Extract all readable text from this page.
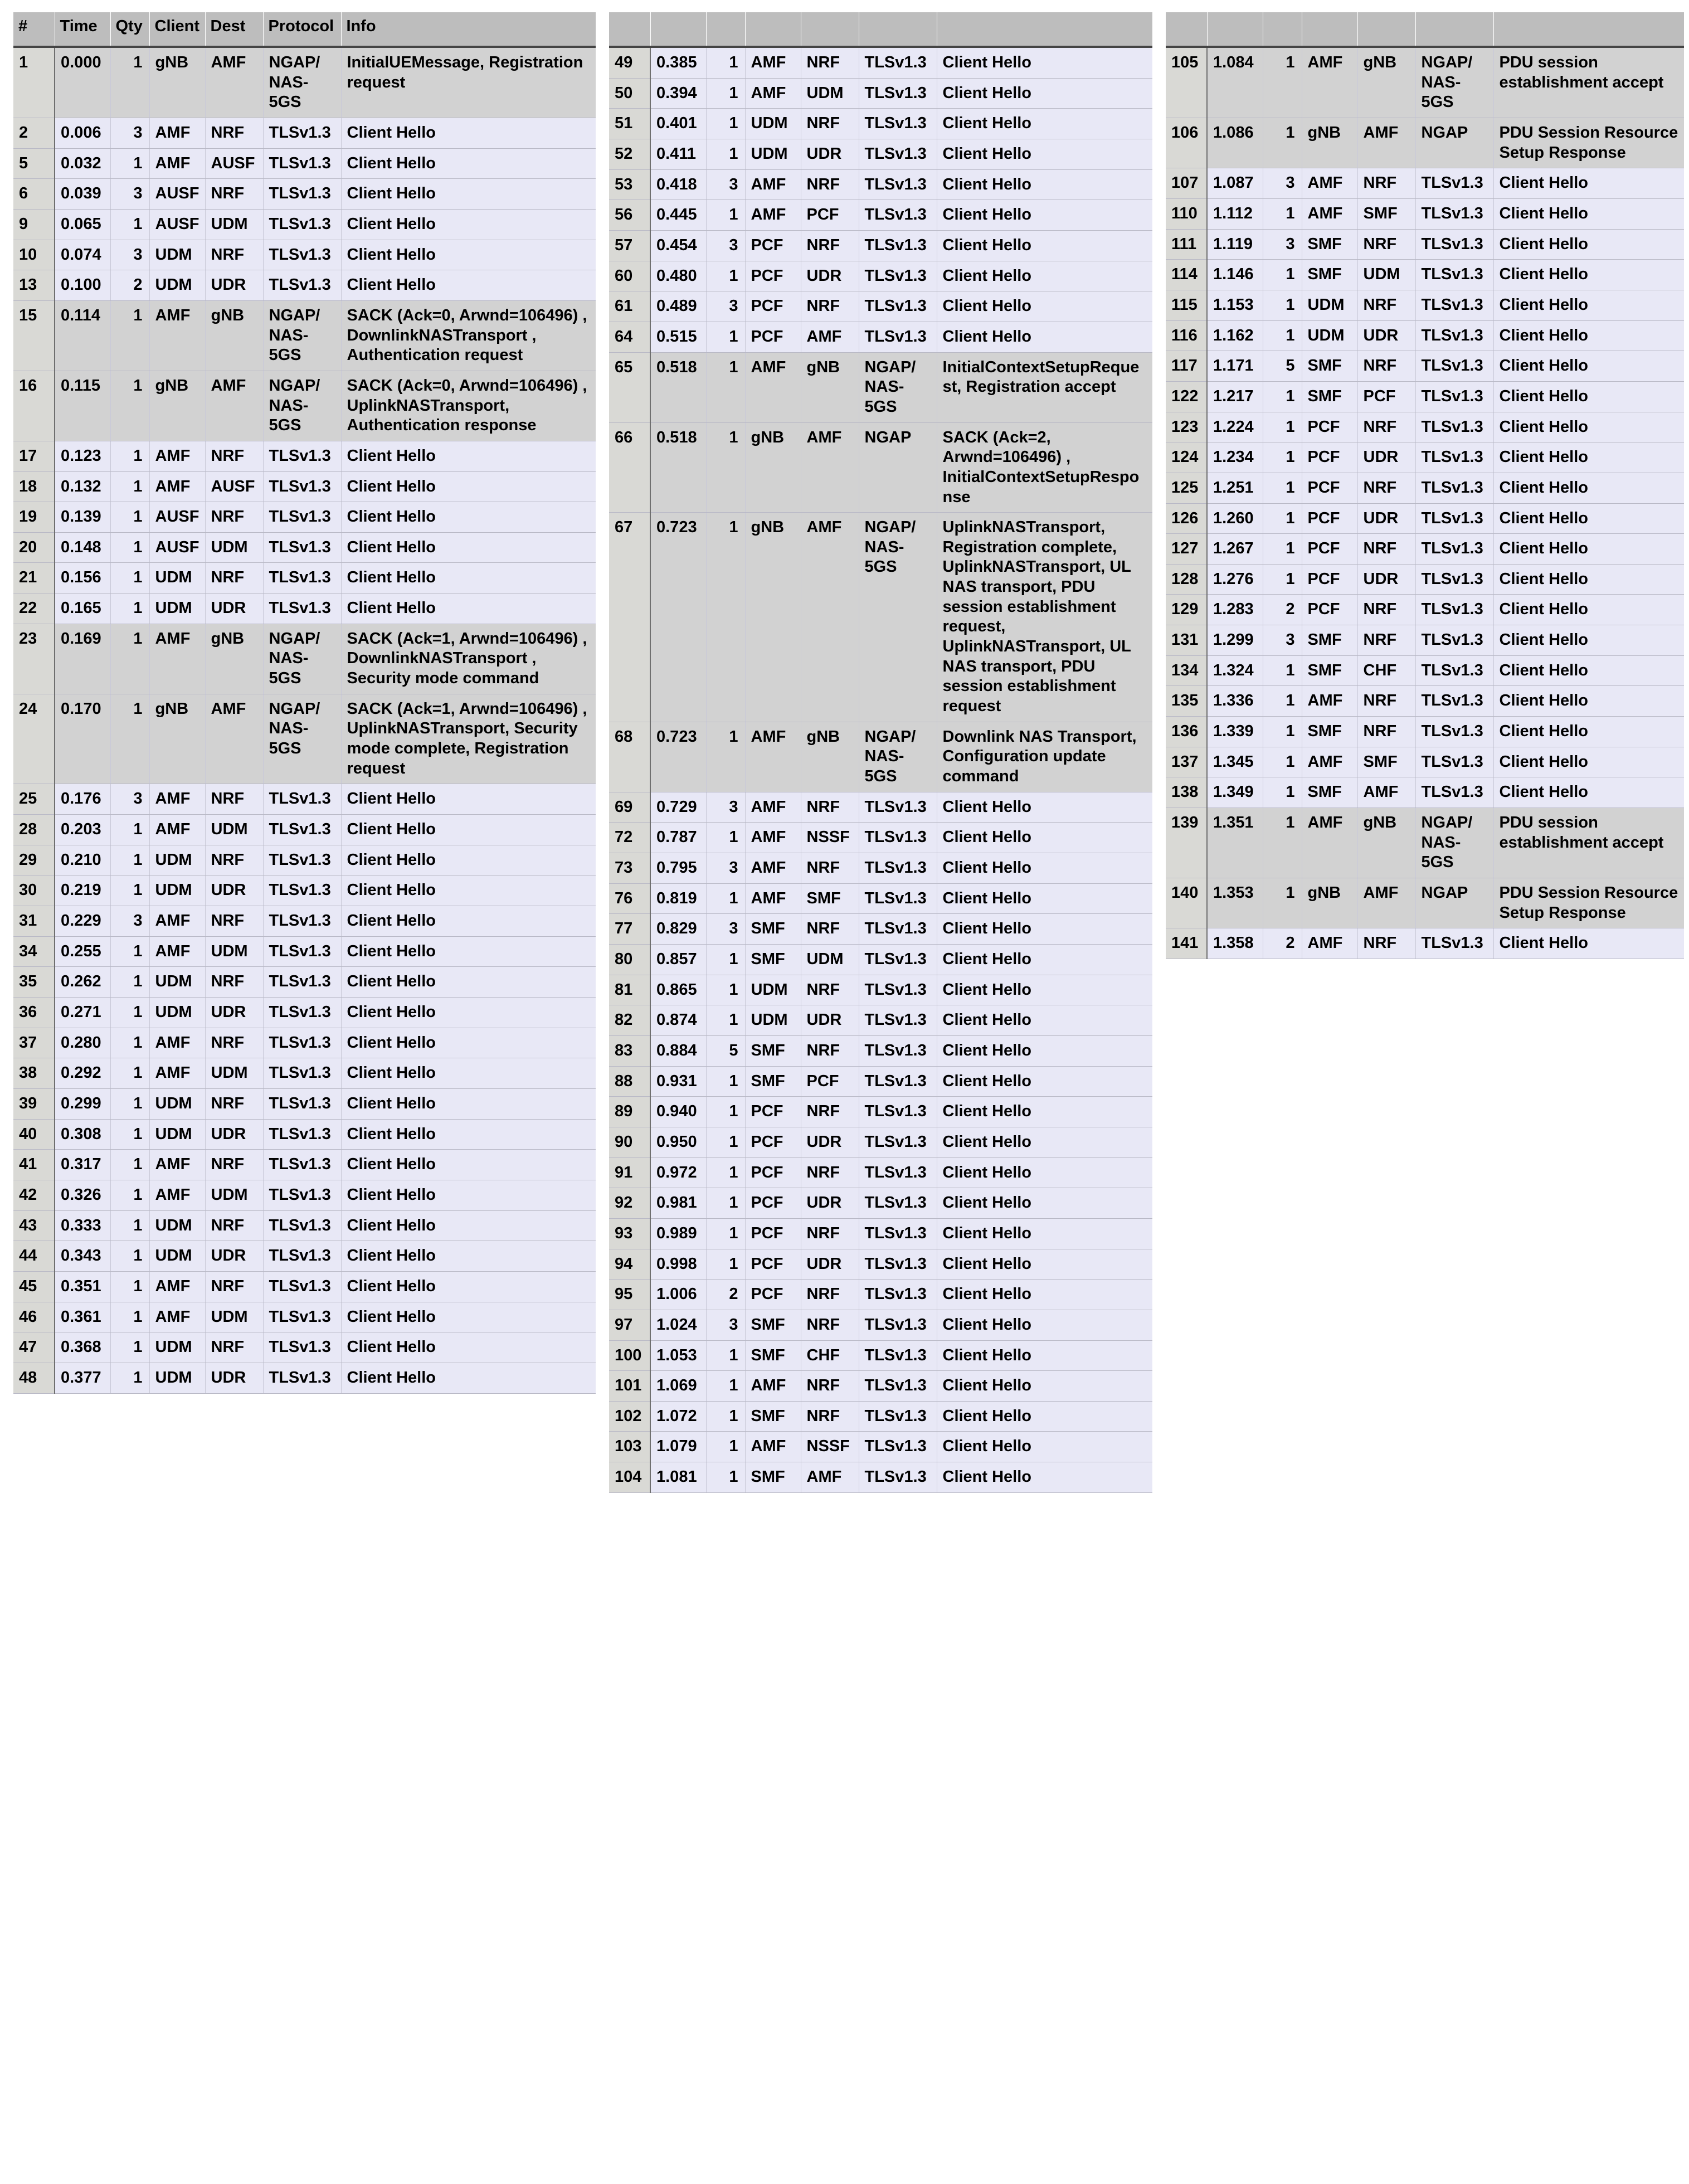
#	Time	Qty	Client	Dest	Protocol	Info
1	0.000	1	gNB	AMF	NGAP/ NAS-5GS	InitialUEMessage, Registration request
2	0.006	3	AMF	NRF	TLSv1.3	Client Hello
5	0.032	1	AMF	AUSF	TLSv1.3	Client Hello
6	0.039	3	AUSF	NRF	TLSv1.3	Client Hello
9	0.065	1	AUSF	UDM	TLSv1.3	Client Hello
10	0.074	3	UDM	NRF	TLSv1.3	Client Hello
13	0.100	2	UDM	UDR	TLSv1.3	Client Hello
15	0.114	1	AMF	gNB	NGAP/ NAS-5GS	SACK (Ack=0, Arwnd=106496) , DownlinkNASTransport , Authentication request
16	0.115	1	gNB	AMF	NGAP/ NAS-5GS	SACK (Ack=0, Arwnd=106496) , UplinkNASTransport, Authentication response
17	0.123	1	AMF	NRF	TLSv1.3	Client Hello
18	0.132	1	AMF	AUSF	TLSv1.3	Client Hello
19	0.139	1	AUSF	NRF	TLSv1.3	Client Hello
20	0.148	1	AUSF	UDM	TLSv1.3	Client Hello
21	0.156	1	UDM	NRF	TLSv1.3	Client Hello
22	0.165	1	UDM	UDR	TLSv1.3	Client Hello
23	0.169	1	AMF	gNB	NGAP/ NAS-5GS	SACK (Ack=1, Arwnd=106496) , DownlinkNASTransport , Security mode command
24	0.170	1	gNB	AMF	NGAP/ NAS-5GS	SACK (Ack=1, Arwnd=106496) , UplinkNASTransport, Security mode complete, Registration request
25	0.176	3	AMF	NRF	TLSv1.3	Client Hello
28	0.203	1	AMF	UDM	TLSv1.3	Client Hello
29	0.210	1	UDM	NRF	TLSv1.3	Client Hello
30	0.219	1	UDM	UDR	TLSv1.3	Client Hello
31	0.229	3	AMF	NRF	TLSv1.3	Client Hello
34	0.255	1	AMF	UDM	TLSv1.3	Client Hello
35	0.262	1	UDM	NRF	TLSv1.3	Client Hello
36	0.271	1	UDM	UDR	TLSv1.3	Client Hello
37	0.280	1	AMF	NRF	TLSv1.3	Client Hello
38	0.292	1	AMF	UDM	TLSv1.3	Client Hello
39	0.299	1	UDM	NRF	TLSv1.3	Client Hello
40	0.308	1	UDM	UDR	TLSv1.3	Client Hello
41	0.317	1	AMF	NRF	TLSv1.3	Client Hello
42	0.326	1	AMF	UDM	TLSv1.3	Client Hello
43	0.333	1	UDM	NRF	TLSv1.3	Client Hello
44	0.343	1	UDM	UDR	TLSv1.3	Client Hello
45	0.351	1	AMF	NRF	TLSv1.3	Client Hello
46	0.361	1	AMF	UDM	TLSv1.3	Client Hello
47	0.368	1	UDM	NRF	TLSv1.3	Client Hello
48	0.377	1	UDM	UDR	TLSv1.3	Client Hello

49	0.385	1	AMF	NRF	TLSv1.3	Client Hello
50	0.394	1	AMF	UDM	TLSv1.3	Client Hello
51	0.401	1	UDM	NRF	TLSv1.3	Client Hello
52	0.411	1	UDM	UDR	TLSv1.3	Client Hello
53	0.418	3	AMF	NRF	TLSv1.3	Client Hello
56	0.445	1	AMF	PCF	TLSv1.3	Client Hello
57	0.454	3	PCF	NRF	TLSv1.3	Client Hello
60	0.480	1	PCF	UDR	TLSv1.3	Client Hello
61	0.489	3	PCF	NRF	TLSv1.3	Client Hello
64	0.515	1	PCF	AMF	TLSv1.3	Client Hello
65	0.518	1	AMF	gNB	NGAP/ NAS-5GS	InitialContextSetupRequest, Registration accept
66	0.518	1	gNB	AMF	NGAP	SACK (Ack=2, Arwnd=106496) , InitialContextSetupResponse
67	0.723	1	gNB	AMF	NGAP/ NAS-5GS	UplinkNASTransport, Registration complete, UplinkNASTransport, UL NAS transport, PDU session establishment request, UplinkNASTransport, UL NAS transport, PDU session establishment request
68	0.723	1	AMF	gNB	NGAP/ NAS-5GS	Downlink NAS Transport, Configuration update command
69	0.729	3	AMF	NRF	TLSv1.3	Client Hello
72	0.787	1	AMF	NSSF	TLSv1.3	Client Hello
73	0.795	3	AMF	NRF	TLSv1.3	Client Hello
76	0.819	1	AMF	SMF	TLSv1.3	Client Hello
77	0.829	3	SMF	NRF	TLSv1.3	Client Hello
80	0.857	1	SMF	UDM	TLSv1.3	Client Hello
81	0.865	1	UDM	NRF	TLSv1.3	Client Hello
82	0.874	1	UDM	UDR	TLSv1.3	Client Hello
83	0.884	5	SMF	NRF	TLSv1.3	Client Hello
88	0.931	1	SMF	PCF	TLSv1.3	Client Hello
89	0.940	1	PCF	NRF	TLSv1.3	Client Hello
90	0.950	1	PCF	UDR	TLSv1.3	Client Hello
91	0.972	1	PCF	NRF	TLSv1.3	Client Hello
92	0.981	1	PCF	UDR	TLSv1.3	Client Hello
93	0.989	1	PCF	NRF	TLSv1.3	Client Hello
94	0.998	1	PCF	UDR	TLSv1.3	Client Hello
95	1.006	2	PCF	NRF	TLSv1.3	Client Hello
97	1.024	3	SMF	NRF	TLSv1.3	Client Hello
100	1.053	1	SMF	CHF	TLSv1.3	Client Hello
101	1.069	1	AMF	NRF	TLSv1.3	Client Hello
102	1.072	1	SMF	NRF	TLSv1.3	Client Hello
103	1.079	1	AMF	NSSF	TLSv1.3	Client Hello
104	1.081	1	SMF	AMF	TLSv1.3	Client Hello

105	1.084	1	AMF	gNB	NGAP/ NAS-5GS	PDU session establishment accept
106	1.086	1	gNB	AMF	NGAP	PDU Session Resource Setup Response
107	1.087	3	AMF	NRF	TLSv1.3	Client Hello
110	1.112	1	AMF	SMF	TLSv1.3	Client Hello
111	1.119	3	SMF	NRF	TLSv1.3	Client Hello
114	1.146	1	SMF	UDM	TLSv1.3	Client Hello
115	1.153	1	UDM	NRF	TLSv1.3	Client Hello
116	1.162	1	UDM	UDR	TLSv1.3	Client Hello
117	1.171	5	SMF	NRF	TLSv1.3	Client Hello
122	1.217	1	SMF	PCF	TLSv1.3	Client Hello
123	1.224	1	PCF	NRF	TLSv1.3	Client Hello
124	1.234	1	PCF	UDR	TLSv1.3	Client Hello
125	1.251	1	PCF	NRF	TLSv1.3	Client Hello
126	1.260	1	PCF	UDR	TLSv1.3	Client Hello
127	1.267	1	PCF	NRF	TLSv1.3	Client Hello
128	1.276	1	PCF	UDR	TLSv1.3	Client Hello
129	1.283	2	PCF	NRF	TLSv1.3	Client Hello
131	1.299	3	SMF	NRF	TLSv1.3	Client Hello
134	1.324	1	SMF	CHF	TLSv1.3	Client Hello
135	1.336	1	AMF	NRF	TLSv1.3	Client Hello
136	1.339	1	SMF	NRF	TLSv1.3	Client Hello
137	1.345	1	AMF	SMF	TLSv1.3	Client Hello
138	1.349	1	SMF	AMF	TLSv1.3	Client Hello
139	1.351	1	AMF	gNB	NGAP/ NAS-5GS	PDU session establishment accept
140	1.353	1	gNB	AMF	NGAP	PDU Session Resource Setup Response
141	1.358	2	AMF	NRF	TLSv1.3	Client Hello
